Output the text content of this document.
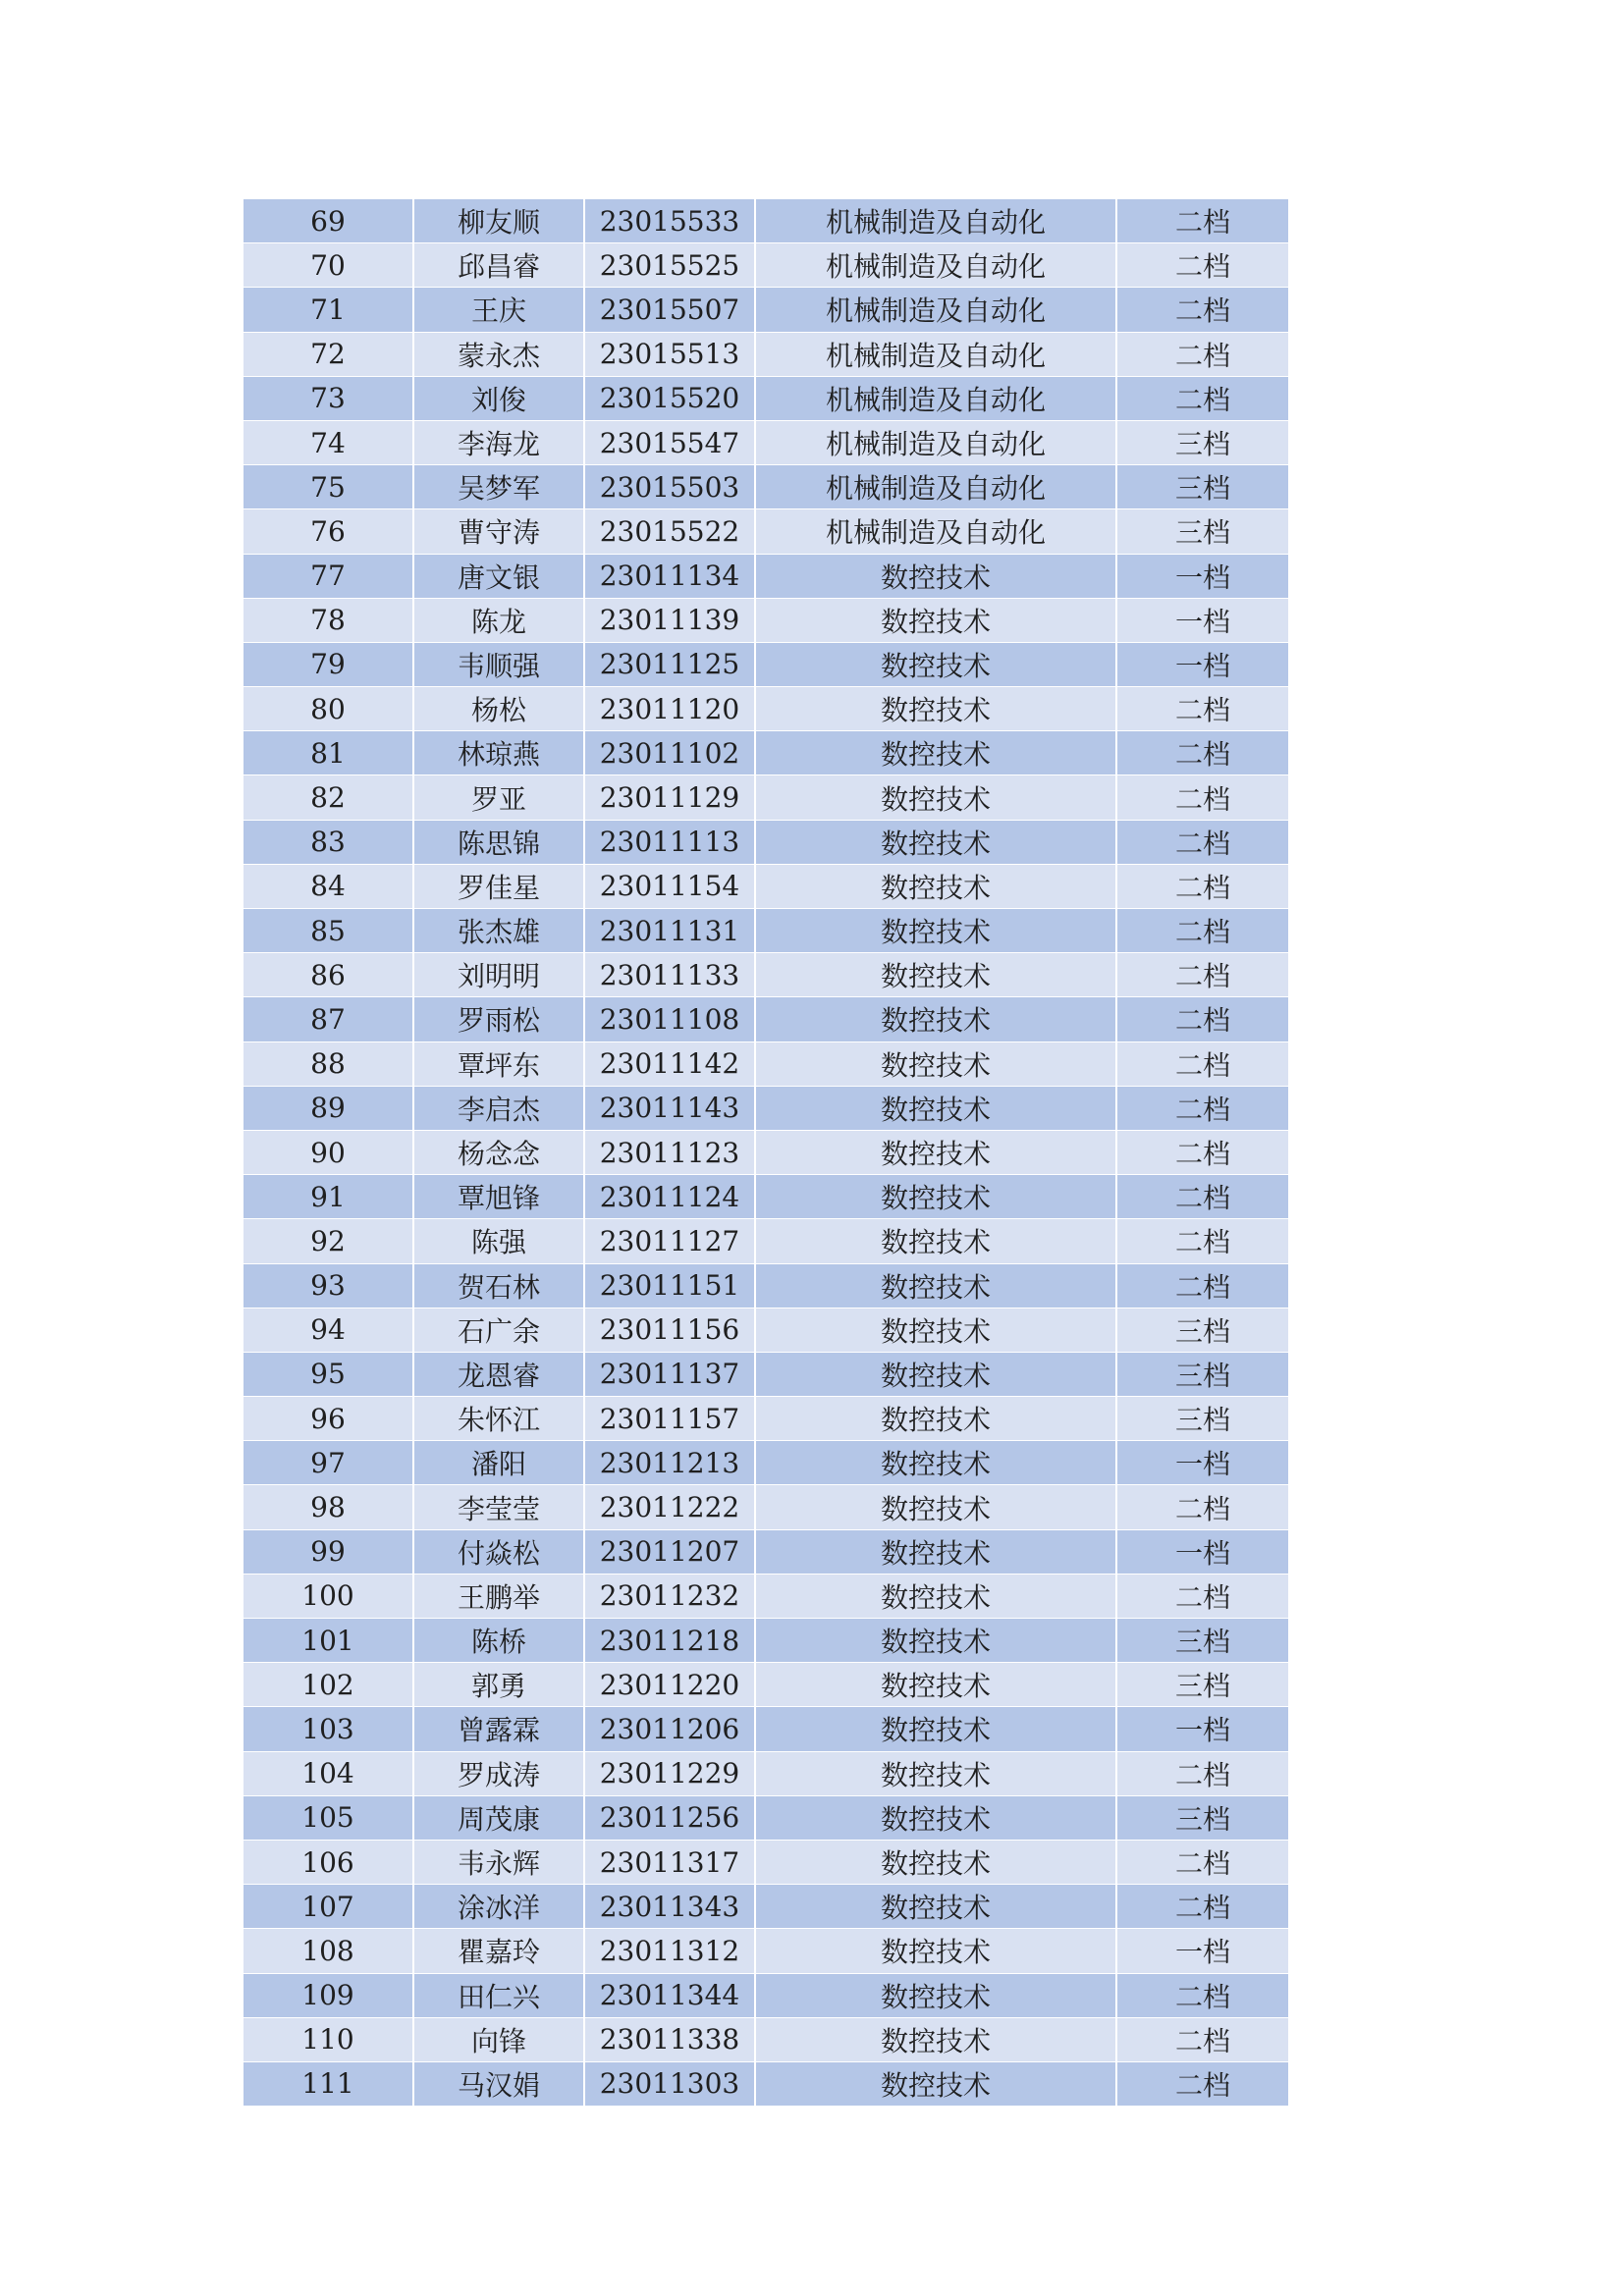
69	柳友顺	23015533	机械制造及自动化	二档
70	邱昌睿	23015525	机械制造及自动化	二档
71	王庆	23015507	机械制造及自动化	二档
72	蒙永杰	23015513	机械制造及自动化	二档
73	刘俊	23015520	机械制造及自动化	二档
74	李海龙	23015547	机械制造及自动化	三档
75	吴梦军	23015503	机械制造及自动化	三档
76	曹守涛	23015522	机械制造及自动化	三档
77	唐文银	23011134	数控技术	一档
78	陈龙	23011139	数控技术	一档
79	韦顺强	23011125	数控技术	一档
80	杨松	23011120	数控技术	二档
81	林琼燕	23011102	数控技术	二档
82	罗亚	23011129	数控技术	二档
83	陈思锦	23011113	数控技术	二档
84	罗佳星	23011154	数控技术	二档
85	张杰雄	23011131	数控技术	二档
86	刘明明	23011133	数控技术	二档
87	罗雨松	23011108	数控技术	二档
88	覃坪东	23011142	数控技术	二档
89	李启杰	23011143	数控技术	二档
90	杨念念	23011123	数控技术	二档
91	覃旭锋	23011124	数控技术	二档
92	陈强	23011127	数控技术	二档
93	贺石林	23011151	数控技术	二档
94	石广余	23011156	数控技术	三档
95	龙恩睿	23011137	数控技术	三档
96	朱怀江	23011157	数控技术	三档
97	潘阳	23011213	数控技术	一档
98	李莹莹	23011222	数控技术	二档
99	付焱松	23011207	数控技术	一档
100	王鹏举	23011232	数控技术	二档
101	陈桥	23011218	数控技术	三档
102	郭勇	23011220	数控技术	三档
103	曾露霖	23011206	数控技术	一档
104	罗成涛	23011229	数控技术	二档
105	周茂康	23011256	数控技术	三档
106	韦永辉	23011317	数控技术	二档
107	涂冰洋	23011343	数控技术	二档
108	瞿嘉玲	23011312	数控技术	一档
109	田仁兴	23011344	数控技术	二档
110	向锋	23011338	数控技术	二档
111	马汉娟	23011303	数控技术	二档
